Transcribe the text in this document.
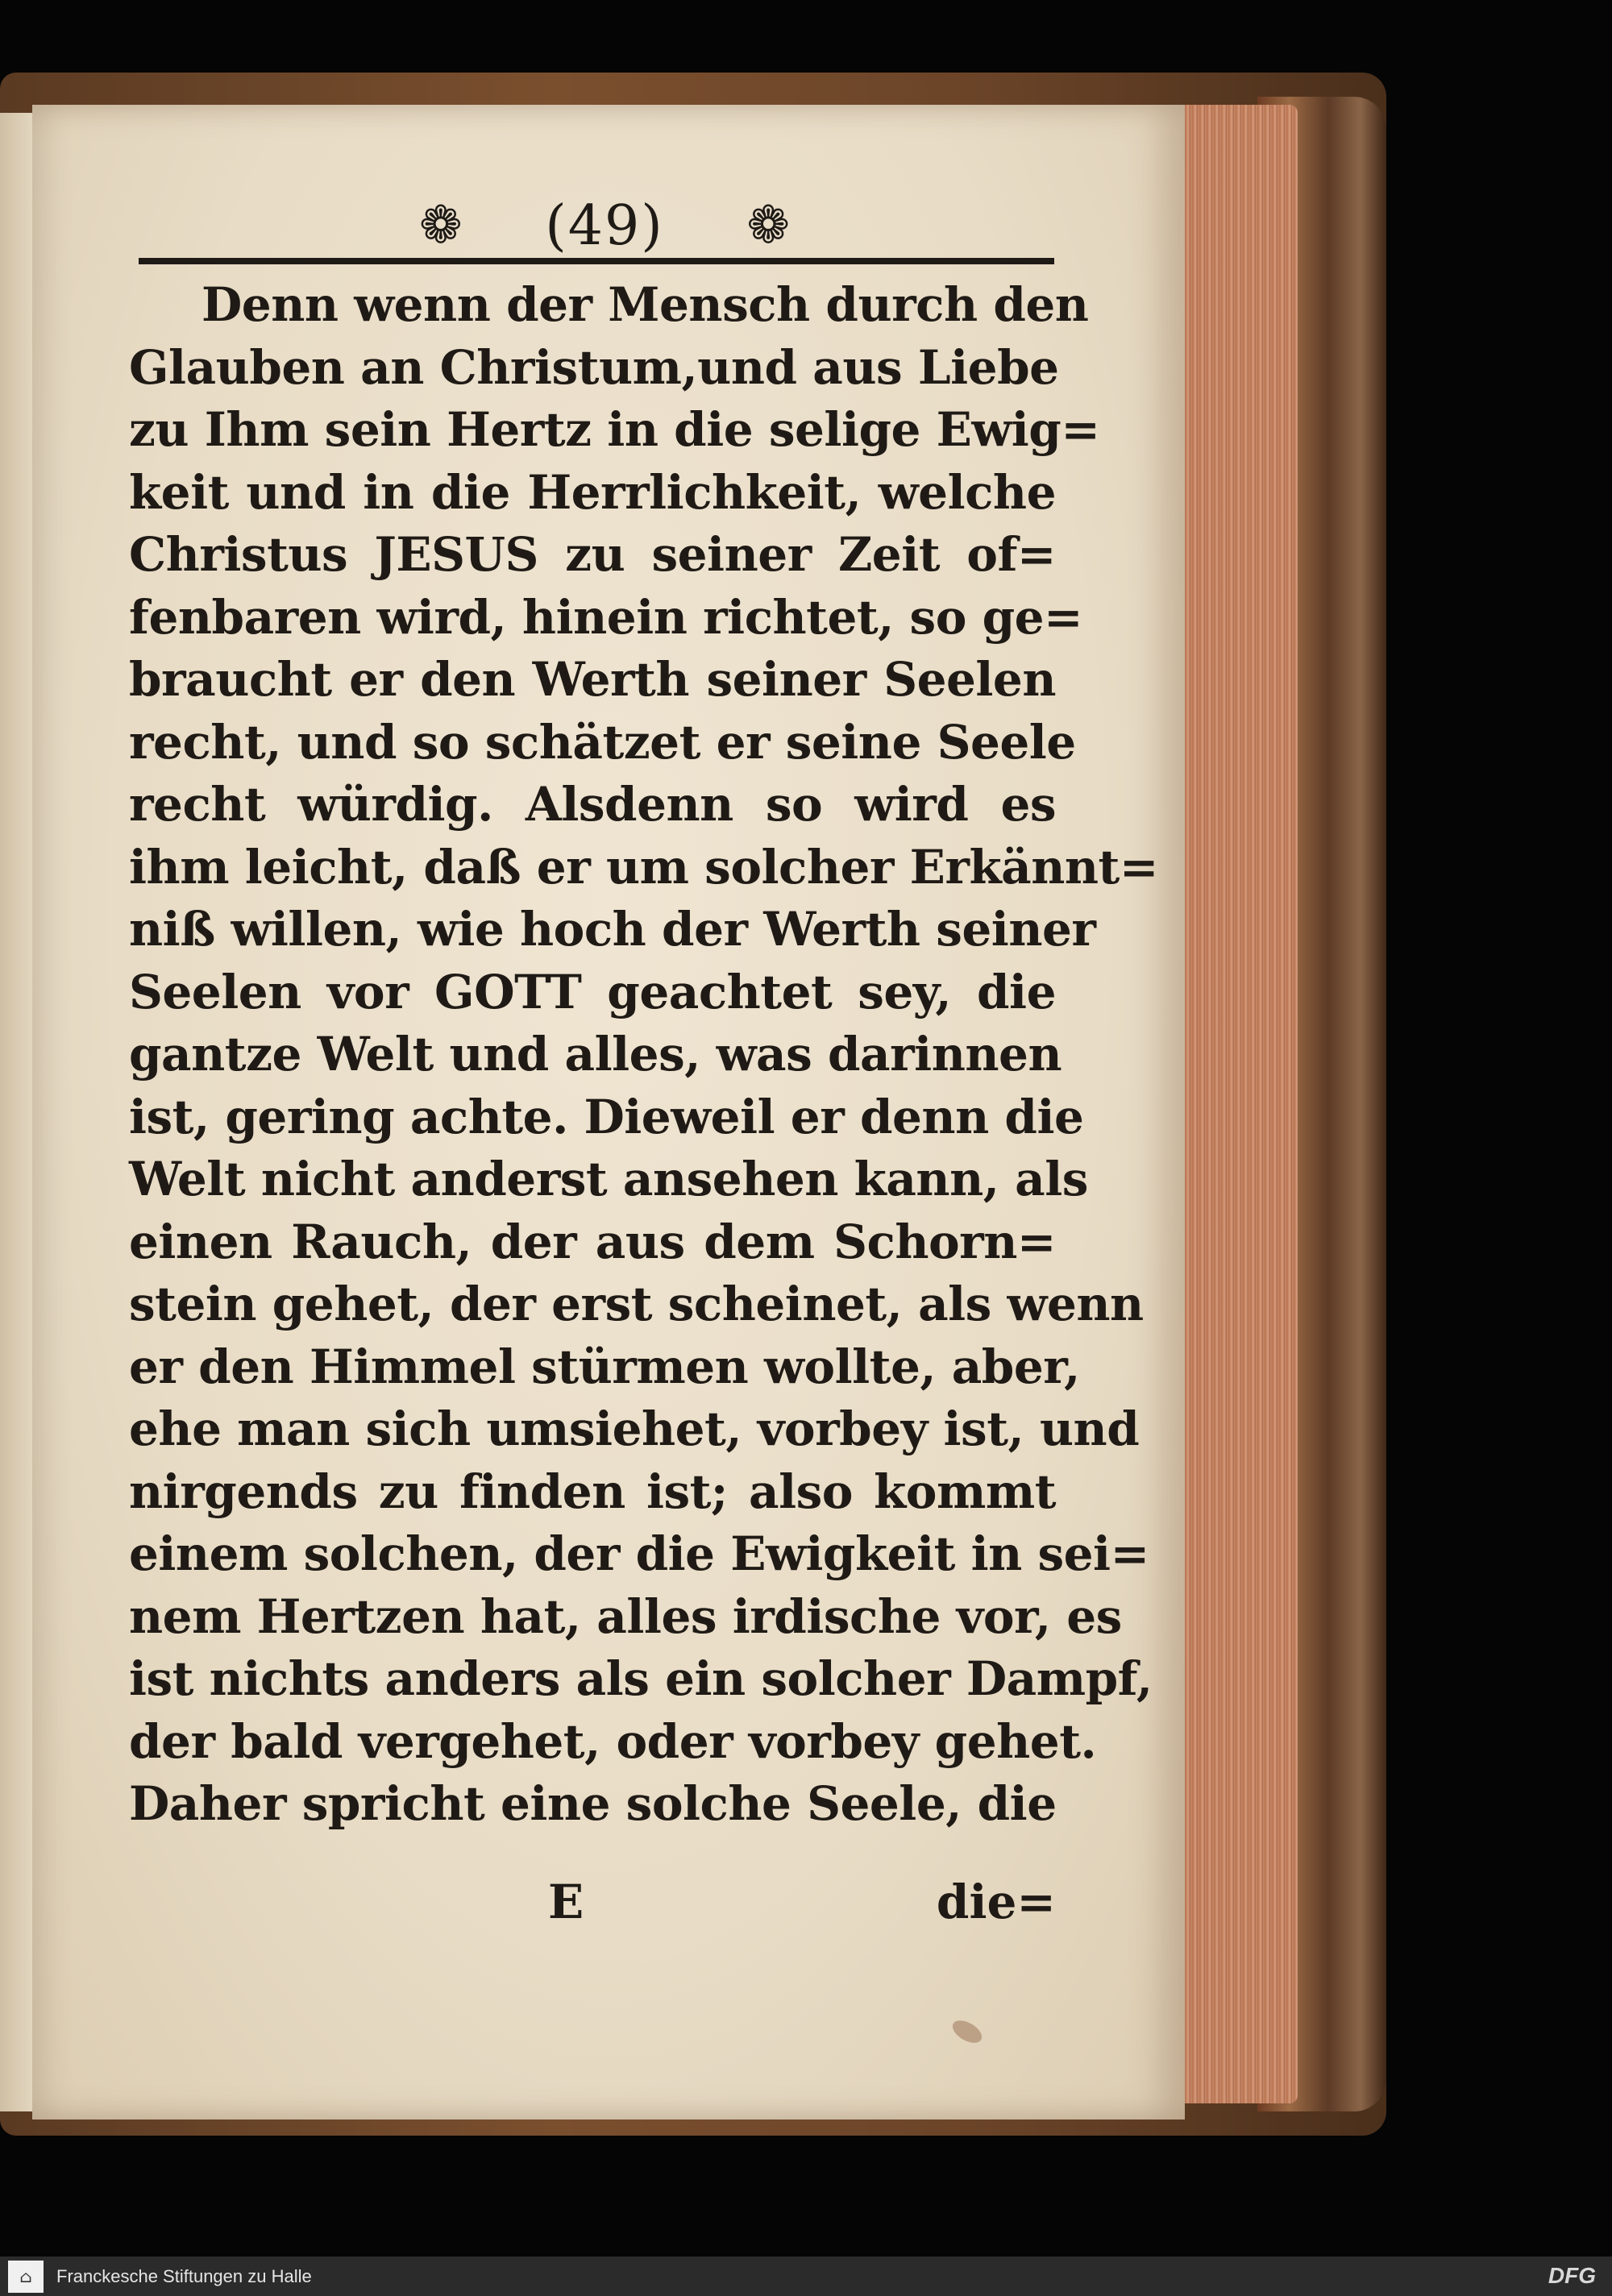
❁ (49) ❁
Denn wenn der Mensch durch den
Glauben an Christum,und aus Liebe
zu Ihm sein Hertz in die selige Ewig=
keit und in die Herrlichkeit, welche
Christus JESUS zu seiner Zeit of=
fenbaren wird, hinein richtet, so ge=
braucht er den Werth seiner Seelen
recht, und so schätzet er seine Seele
recht würdig. Alsdenn so wird es
ihm leicht, daß er um solcher Erkännt=
niß willen, wie hoch der Werth seiner
Seelen vor GOTT geachtet sey, die
gantze Welt und alles, was darinnen
ist, gering achte. Dieweil er denn die
Welt nicht anderst ansehen kann, als
einen Rauch, der aus dem Schorn=
stein gehet, der erst scheinet, als wenn
er den Himmel stürmen wollte, aber,
ehe man sich umsiehet, vorbey ist, und
nirgends zu finden ist; also kommt
einem solchen, der die Ewigkeit in sei=
nem Hertzen hat, alles irdische vor, es
ist nichts anders als ein solcher Dampf,
der bald vergehet, oder vorbey gehet.
Daher spricht eine solche Seele, die
E	die=
⌂	Franckesche Stiftungen zu Halle	DFG
